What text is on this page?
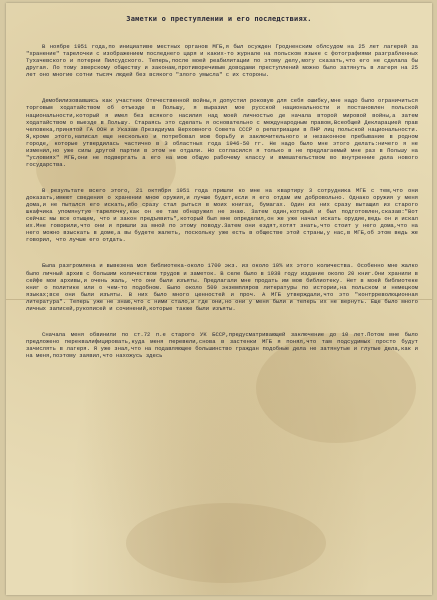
Заметки о преступлении и его последствиях.

В ноябре 1951 года,по инициативе местных органов МГБ,я был осужден Гродненским облсудом на 25 лет лагерей за "хранение" тарелочки с изображением последнего царя и каких-то журнале на польском языке с фотографиями разграбленных Тухачевского и потерни Пилсудского. Теперь,после моей реабилитации по этому делу,могу сказать,что его не сделала бы другая. По тому зверскому обществу и законам,противоречивым доводами преступлений можно было затянуть в лагеря на 25 лет оно многие сотни тысяч людей без всякого "злого умысла" с их стороны.

Демобилизовавшись как участник Отечественной войны,я допустил роковую для себя ошибку,мне надо было ограничиться торговым ходатайством об отъезде в Польшу, я выразил мое русской национальности и постановлен польской национальности,который я имел без всякого насилия над моей личностью де начала второй мировой войны,а затем ходатайством о выезде в Польшу. Стараясь это сделать я основательно с международным правом,Всеобщей Декларацией прав человека,принятой ГА ООН и Указам Президиума Верховного Совета СССР о репатриации в ПНР лиц польской национальности. Я,кроме этого,написал еще несколько и потребовал мою борьбу и заключительного и незаконное пребывание в родном городе, которые утвердилась частично в 3 областных года 1946-50 гг. Не надо было мне этого делать:ничего я не изменил,но уже силы другой партии в этом не отдали. Но согласился я только в не предлагаемый мне раз в Польшу на "условиях" МГБ,они не подвергать а его на мою общую рабочему классу и вмешательством во внутренние дела нового государства.

В результате всего этого, 21 октября 1951 года пришли ко мне на квартиру 3 сотрудника МГБ с тем,что они доказать,имеют сведения о хранении мною оружия,и лучше будет,если я его отдам им добровольно. Однако оружия у меня дома,и не пытался его искать,ибо сразу стал рыться в моих книгах, бумагах. Один из них сразу вытащил из старого шкафчика упомянутую тарелочку,как он ее там обнаружил не знаю. Затем один,который и был подготовлен,сказав:"Вот сейчас мы все отыщем, что и закон предъявить",который был мне определил,он же уже начал искать орудие,ведь он и искал их.Мне говорили,что они и пришли за мной по этому поводу.Затем они ездят,хотят знать,что стоит у него дома,что на него можно взыскать в доме,а вы будете жалеть, поскольку уже есть в обществе этой страны,у нас,в МГБ,об этом ведь же говорил, что лучше его отдать.

Была разгромлена и вывезена моя библиотека-около 1700 экз. из около 10% их этого количества. Особенно мне жалко было личный архив с большим количеством трудов и заметок. В селе было в 1938 году издание около 20 книг.Они хранили в сейфе мои архивы,и очень жаль, что они были изъяты. Предлагали мне продать им мою библиотеку. Нет в моей библиотеке книг о политике или о чем-то подобном. Было около 500 экземпляров литературы по истории,на польском и немецком языках;все они были изъяты. В них было много ценностей и проч. А МГБ утверждали,что это "контрреволюционная литература". Теперь уже не знаю,что с ними стало,и где они,но они у меня были и теперь их не вернуть. Еще было много личных записей,рукописей и сочинений,которые также были изъяты.

Сначала меня обвинили по ст.72 п.е старого УК БССР,предусматривающей заключение до 10 лет.Потом мне было предложено переквалифицировать,куда меня перевели,снова в застенки МГБ я понял,что там подсудимых просто будут зачислять в лагеря. Я уже знал,что на подавляющее большинство граждан подобные дела не затянутые и глупые дела,как и на меня,поэтому заявил,что нахожусь здесь
